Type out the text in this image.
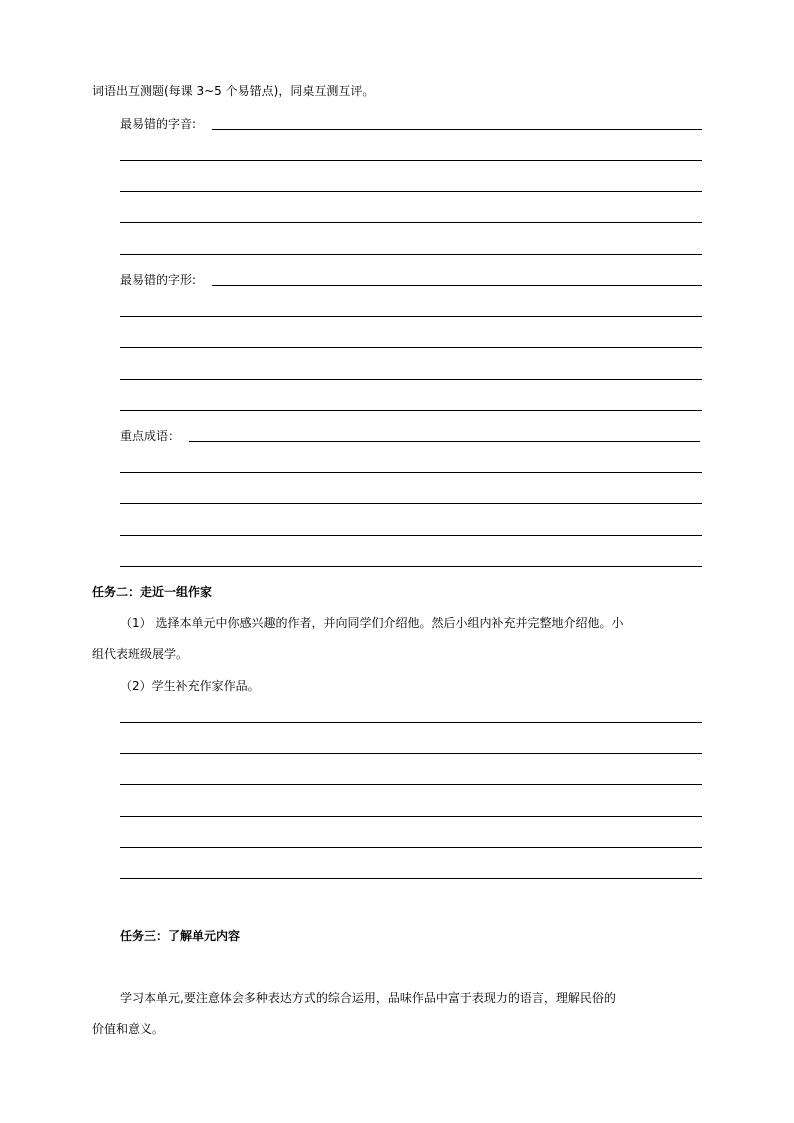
词语出互测题(每课 3~5 个易错点)，同桌互测互评。
最易错的字音:
最易错的字形:
重点成语：
任务二：走近一组作家
（1） 选择本单元中你感兴趣的作者，并向同学们介绍他。然后小组内补充并完整地介绍他。小
组代表班级展学。
（2）学生补充作家作品。
任务三：了解单元内容
学习本单元,要注意体会多种表达方式的综合运用，品味作品中富于表现力的语言，理解民俗的
价值和意义。
